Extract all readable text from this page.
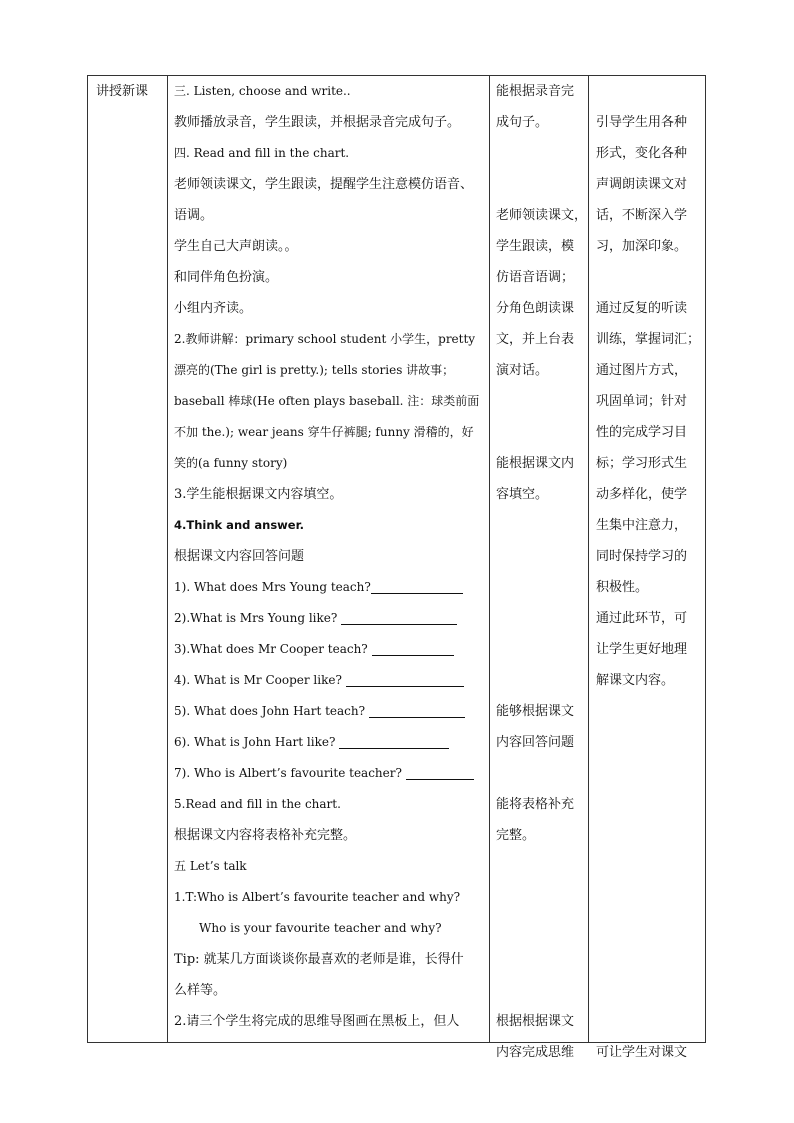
讲授新课	三. Listen, choose and write..
教师播放录音，学生跟读，并根据录音完成句子。
四. Read and fill in the chart.
老师领读课文，学生跟读，提醒学生注意模仿语音、
语调。
学生自己大声朗读。。
和同伴角色扮演。
小组内齐读。
2.教师讲解：primary school student 小学生，pretty
漂亮的(The girl is pretty.); tells stories 讲故事；
baseball 棒球(He often plays baseball. 注：球类前面
不加 the.); wear jeans 穿牛仔裤腿; funny 滑稽的，好
笑的(a funny story)
3.学生能根据课文内容填空。
4.Think and answer.
根据课文内容回答问题
1). What does Mrs Young teach?
2).What is Mrs Young like?
3).What does Mr Cooper teach?
4). What is Mr Cooper like?
5). What does John Hart teach?
6). What is John Hart like?
7). Who is Albert’s favourite teacher?
5.Read and fill in the chart.
根据课文内容将表格补充完整。
五 Let’s talk
1.T:Who is Albert’s favourite teacher and why?
Who is your favourite teacher and why?
Tip: 就某几方面谈谈你最喜欢的老师是谁，长得什
么样等。
2.请三个学生将完成的思维导图画在黑板上，但人
能根据录音完
成句子。
老师领读课文，
学生跟读，模
仿语音语调；
分角色朗读课
文，并上台表
演对话。
能根据课文内
容填空。
能够根据课文
内容回答问题
能将表格补充
完整。
根据根据课文
内容完成思维
引导学生用各种
形式，变化各种
声调朗读课文对
话，不断深入学
习，加深印象。
通过反复的听读
训练，掌握词汇；
通过图片方式，
巩固单词；针对
性的完成学习目
标；学习形式生
动多样化，使学
生集中注意力，
同时保持学习的
积极性。
通过此环节，可
让学生更好地理
解课文内容。
可让学生对课文
